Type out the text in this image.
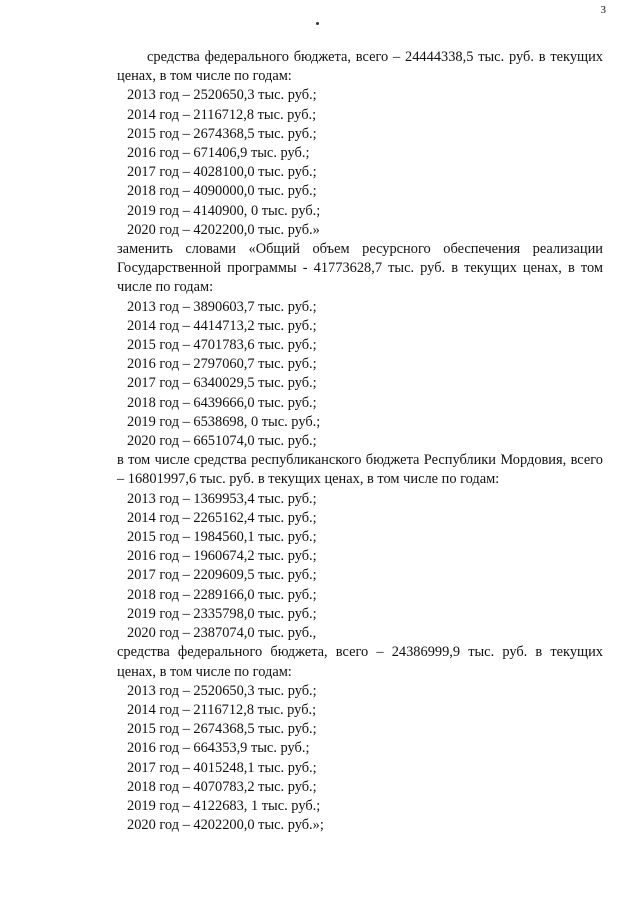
3

средства федерального бюджета, всего – 24444338,5 тыс. руб. в текущих ценах, в том числе по годам:

2013 год – 2520650,3 тыс. руб.;
2014 год – 2116712,8 тыс. руб.;
2015 год – 2674368,5 тыс. руб.;
2016 год – 671406,9 тыс. руб.;
2017 год – 4028100,0 тыс. руб.;
2018 год – 4090000,0 тыс. руб.;
2019 год – 4140900, 0 тыс. руб.;
2020 год – 4202200,0 тыс. руб.»

заменить словами «Общий объем ресурсного обеспечения реализации Государственной программы - 41773628,7 тыс. руб. в текущих ценах, в том числе по годам:

2013 год – 3890603,7 тыс. руб.;
2014 год – 4414713,2 тыс. руб.;
2015 год – 4701783,6 тыс. руб.;
2016 год – 2797060,7 тыс. руб.;
2017 год – 6340029,5 тыс. руб.;
2018 год – 6439666,0 тыс. руб.;
2019 год – 6538698, 0 тыс. руб.;
2020 год – 6651074,0 тыс. руб.;

в том числе средства республиканского бюджета Республики Мордовия, всего – 16801997,6 тыс. руб. в текущих ценах, в том числе по годам:

2013 год – 1369953,4 тыс. руб.;
2014 год – 2265162,4 тыс. руб.;
2015 год – 1984560,1 тыс. руб.;
2016 год – 1960674,2 тыс. руб.;
2017 год – 2209609,5 тыс. руб.;
2018 год – 2289166,0 тыс. руб.;
2019 год – 2335798,0 тыс. руб.;
2020 год – 2387074,0 тыс. руб.,

средства федерального бюджета, всего – 24386999,9 тыс. руб. в текущих ценах, в том числе по годам:

2013 год – 2520650,3 тыс. руб.;
2014 год – 2116712,8 тыс. руб.;
2015 год – 2674368,5 тыс. руб.;
2016 год – 664353,9 тыс. руб.;
2017 год – 4015248,1 тыс. руб.;
2018 год – 4070783,2 тыс. руб.;
2019 год – 4122683, 1 тыс. руб.;
2020 год – 4202200,0 тыс. руб.»;
